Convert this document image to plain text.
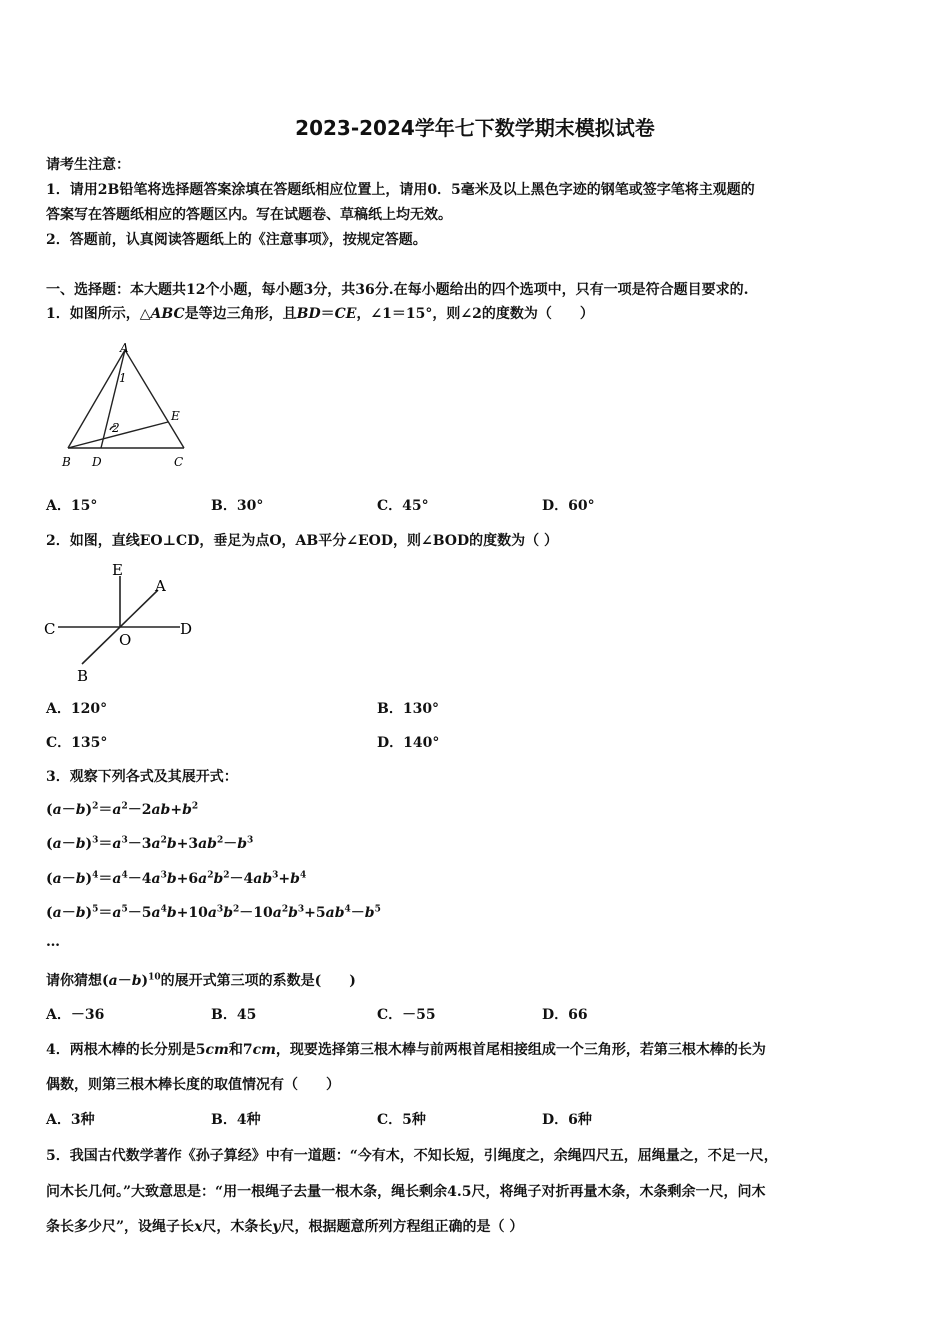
2023-2024学年七下数学期末模拟试卷
请考生注意：
1．请用2B铅笔将选择题答案涂填在答题纸相应位置上，请用0．5毫米及以上黑色字迹的钢笔或签字笔将主观题的
答案写在答题纸相应的答题区内。写在试题卷、草稿纸上均无效。
2．答题前，认真阅读答题纸上的《注意事项》，按规定答题。
一、选择题：本大题共12个小题，每小题3分，共36分.在每小题给出的四个选项中，只有一项是符合题目要求的.
1．如图所示，△ABC是等边三角形，且BD＝CE，∠1＝15°，则∠2的度数为（　　）
A
E
1
2
B D	C
A．15°	B．30°	C．45°	D．60°
2．如图，直线EO⊥CD，垂足为点O，AB平分∠EOD，则∠BOD的度数为（ ）
E
A
C
O
D
B
A．120°	B．130°
C．135°	D．140°
3．观察下列各式及其展开式：
$(a-b)^2=a^2-2ab+b^2$
$(a-b)^3=a^3-3a^2b+3ab^2-b^3$
$(a-b)^4=a^4-4a^3b+6a^2b^2-4ab^3+b^4$
$(a-b)^5=a^5-5a^4b+10a^3b^2-10a^2b^3+5ab^4-b^5$
…
请你猜想$(a-b)^{10}$的展开式第三项的系数是(　　)
A．－36	B．45	C．－55	D．66
4．两根木棒的长分别是5cm和7cm，现要选择第三根木棒与前两根首尾相接组成一个三角形，若第三根木棒的长为
偶数，则第三根木棒长度的取值情况有（　　）
A．3种	B．4种	C．5种	D．6种
5．我国古代数学著作《孙子算经》中有一道题：“今有木，不知长短，引绳度之，余绳四尺五，屈绳量之，不足一尺，
问木长几何。”大致意思是：“用一根绳子去量一根木条，绳长剩余4.5尺，将绳子对折再量木条，木条剩余一尺，问木
条长多少尺”，设绳子长x尺，木条长y尺，根据题意所列方程组正确的是（ ）
